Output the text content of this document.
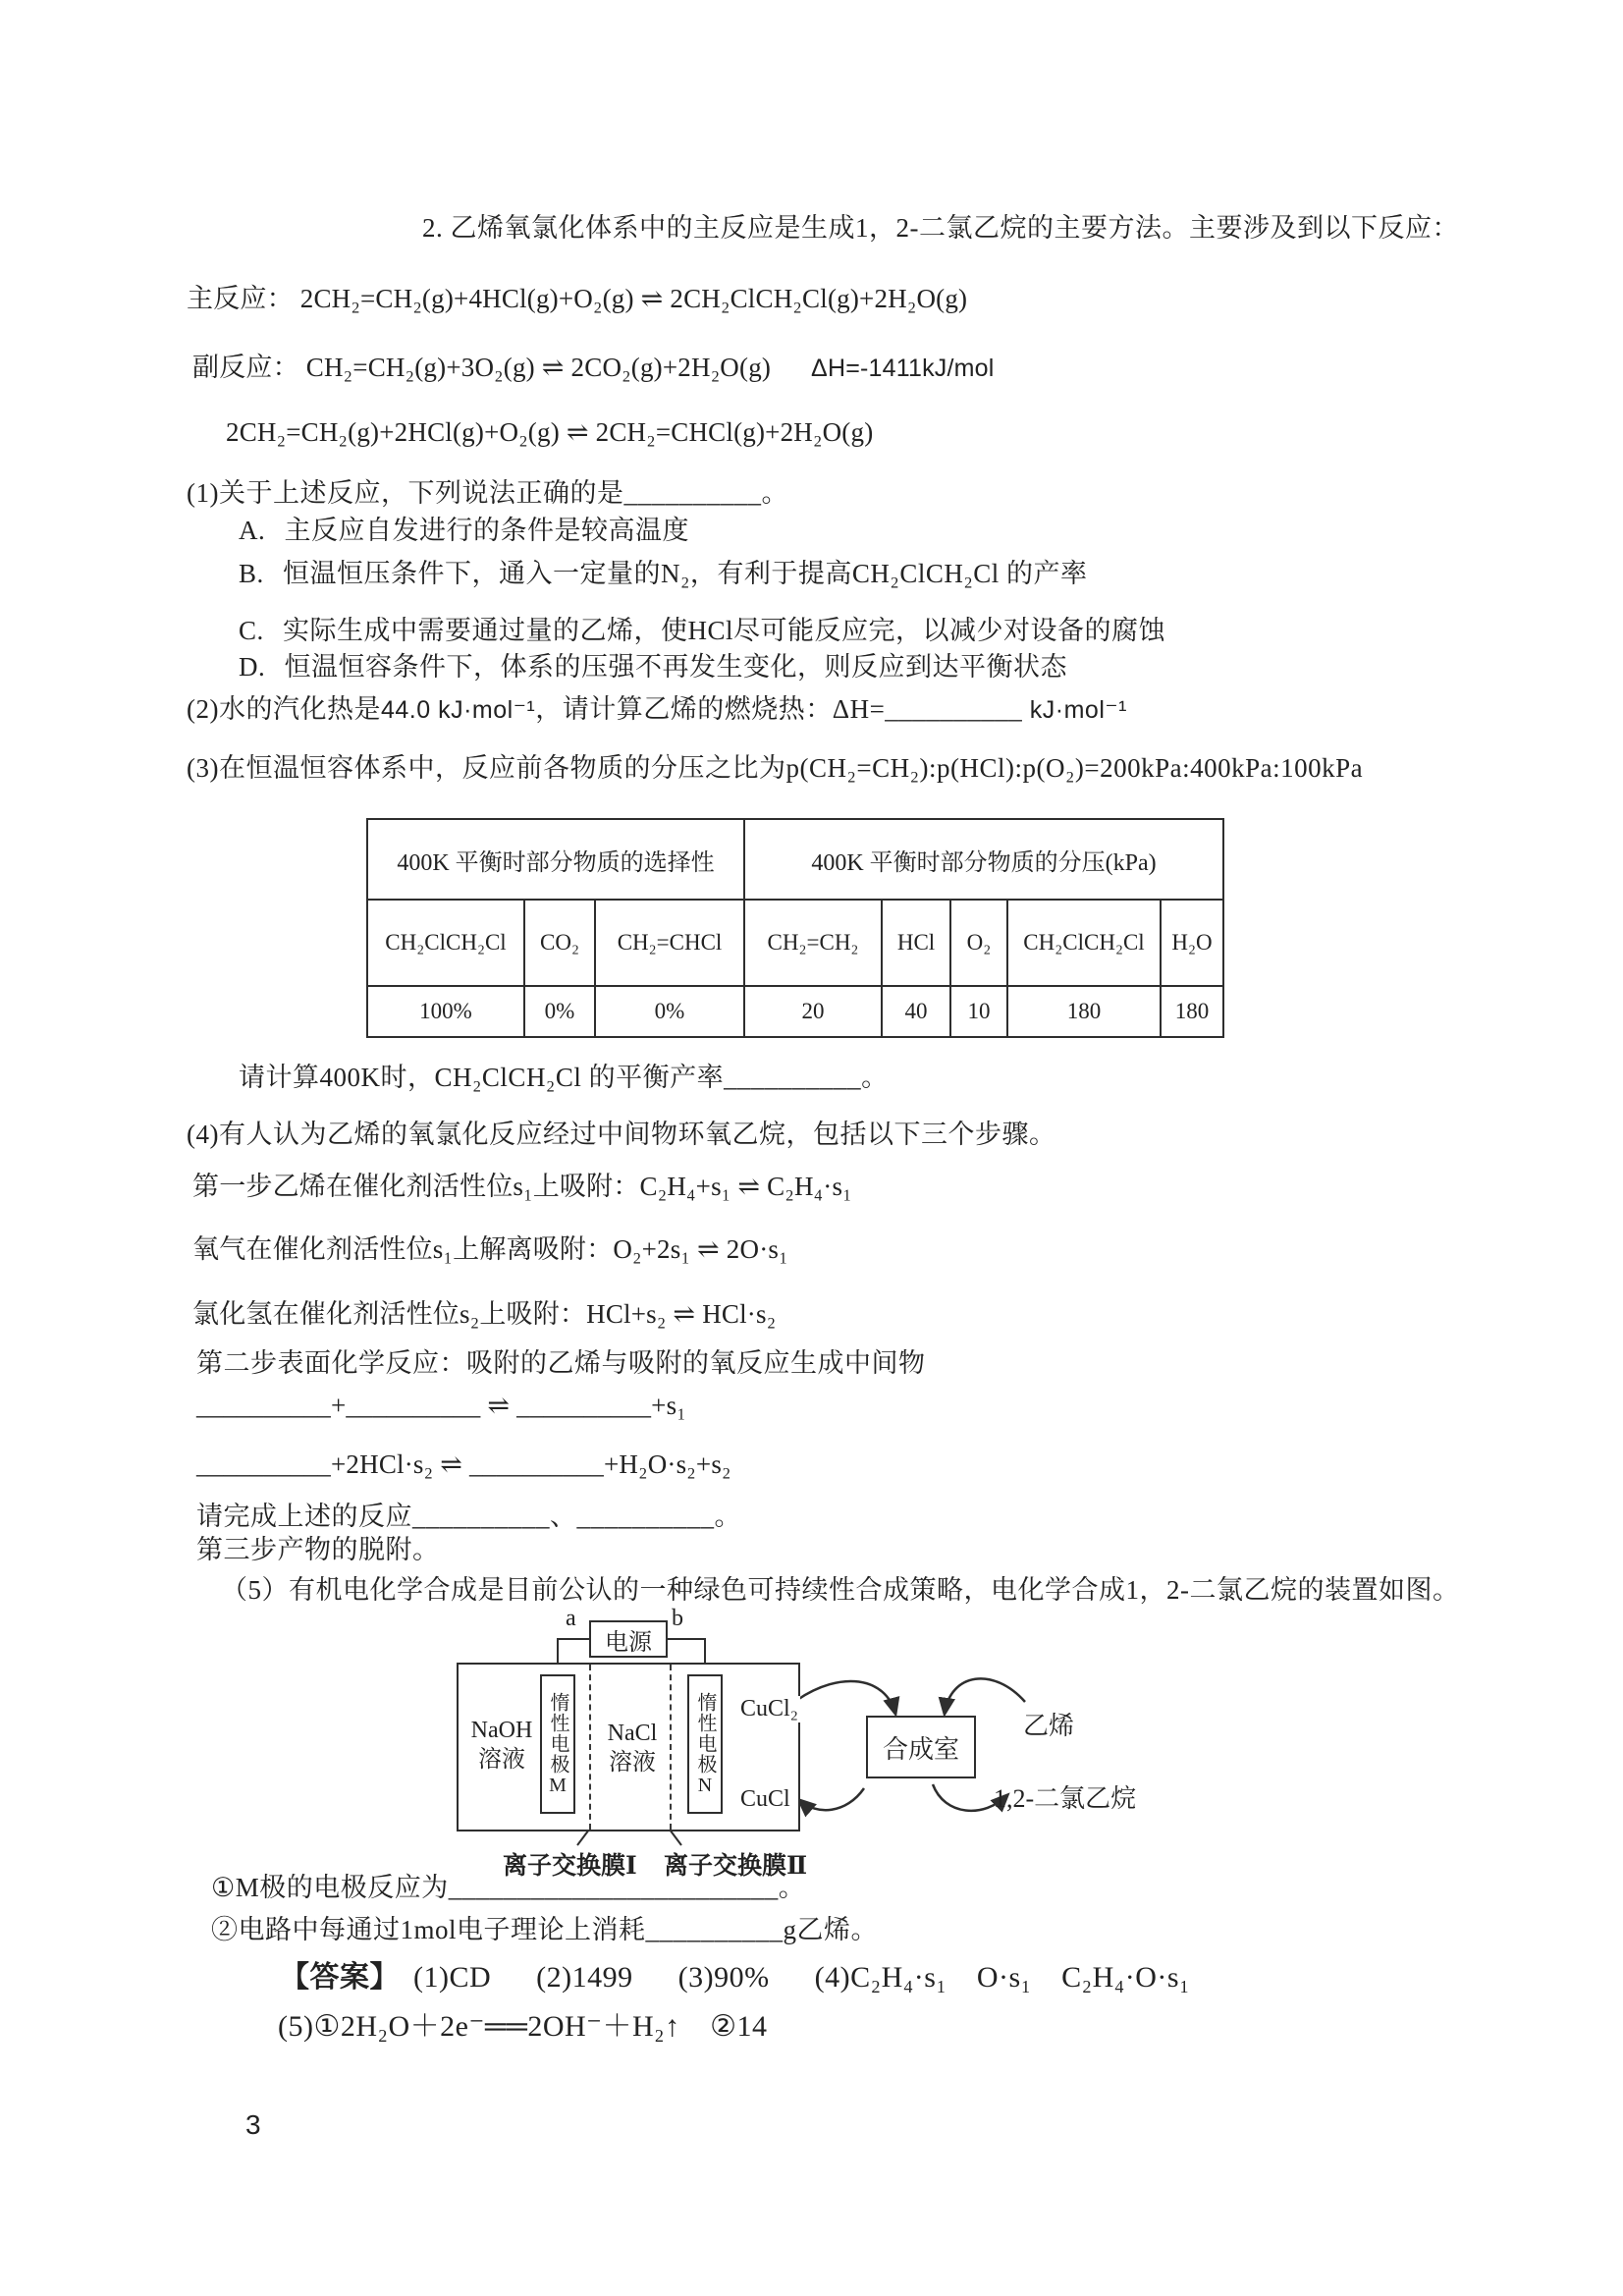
2. 乙烯氧氯化体系中的主反应是生成1，2-二氯乙烷的主要方法。主要涉及到以下反应：
主反应： 2CH₂=CH₂(g)+4HCl(g)+O₂(g) ⇌ 2CH₂ClCH₂Cl(g)+2H₂O(g)
副反应： CH₂=CH₂(g)+3O₂(g) ⇌ 2CO₂(g)+2H₂O(g) ΔH=-1411kJ/mol
2CH₂=CH₂(g)+2HCl(g)+O₂(g) ⇌ 2CH₂=CHCl(g)+2H₂O(g)
(1)关于上述反应，下列说法正确的是__________。
A. 主反应自发进行的条件是较高温度
B. 恒温恒压条件下，通入一定量的N₂，有利于提高CH₂ClCH₂Cl 的产率
C. 实际生成中需要通过量的乙烯，使HCl尽可能反应完，以减少对设备的腐蚀
D. 恒温恒容条件下，体系的压强不再发生变化，则反应到达平衡状态
(2)水的汽化热是44.0 kJ·mol⁻¹，请计算乙烯的燃烧热：ΔH=__________ kJ·mol⁻¹
(3)在恒温恒容体系中，反应前各物质的分压之比为p(CH₂=CH₂):p(HCl):p(O₂)=200kPa:400kPa:100kPa
400K 平衡时部分物质的选择性			400K 平衡时部分物质的分压(kPa)				
CH₂ClCH₂Cl	CO₂	CH₂=CHCl	CH₂=CH₂	HCl	O₂	CH₂ClCH₂Cl	H₂O
100%	0%	0%	20	40	10	180	180
请计算400K时，CH₂ClCH₂Cl 的平衡产率__________。
(4)有人认为乙烯的氧氯化反应经过中间物环氧乙烷，包括以下三个步骤。
第一步乙烯在催化剂活性位s₁上吸附：C₂H₄+s₁ ⇌ C₂H₄·s₁
氧气在催化剂活性位s₁上解离吸附：O₂+2s₁ ⇌ 2O·s₁
氯化氢在催化剂活性位s₂上吸附：HCl+s₂ ⇌ HCl·s₂
第二步表面化学反应：吸附的乙烯与吸附的氧反应生成中间物
__________+__________ ⇌ __________+s₁
__________+2HCl·s₂ ⇌ __________+H₂O·s₂+s₂
请完成上述的反应__________、__________。
第三步产物的脱附。
（5）有机电化学合成是目前公认的一种绿色可持续性合成策略，电化学合成1，2-二氯乙烷的装置如图。
电源
a	b
惰性电极M	惰性电极N
NaOH
溶液
NaCl
溶液
CuCl₂
CuCl
合成室
乙烯
1,2-二氯乙烷
离子交换膜Ⅰ 离子交换膜Ⅱ
①M极的电极反应为________________________。
②电路中每通过1mol电子理论上消耗__________g乙烯。
【答案】 (1)CD (2)1499 (3)90% (4)C₂H₄·s₁　O·s₁　C₂H₄·O·s₁
(5)①2H₂O＋2e⁻══2OH⁻＋H₂↑　②14
3
